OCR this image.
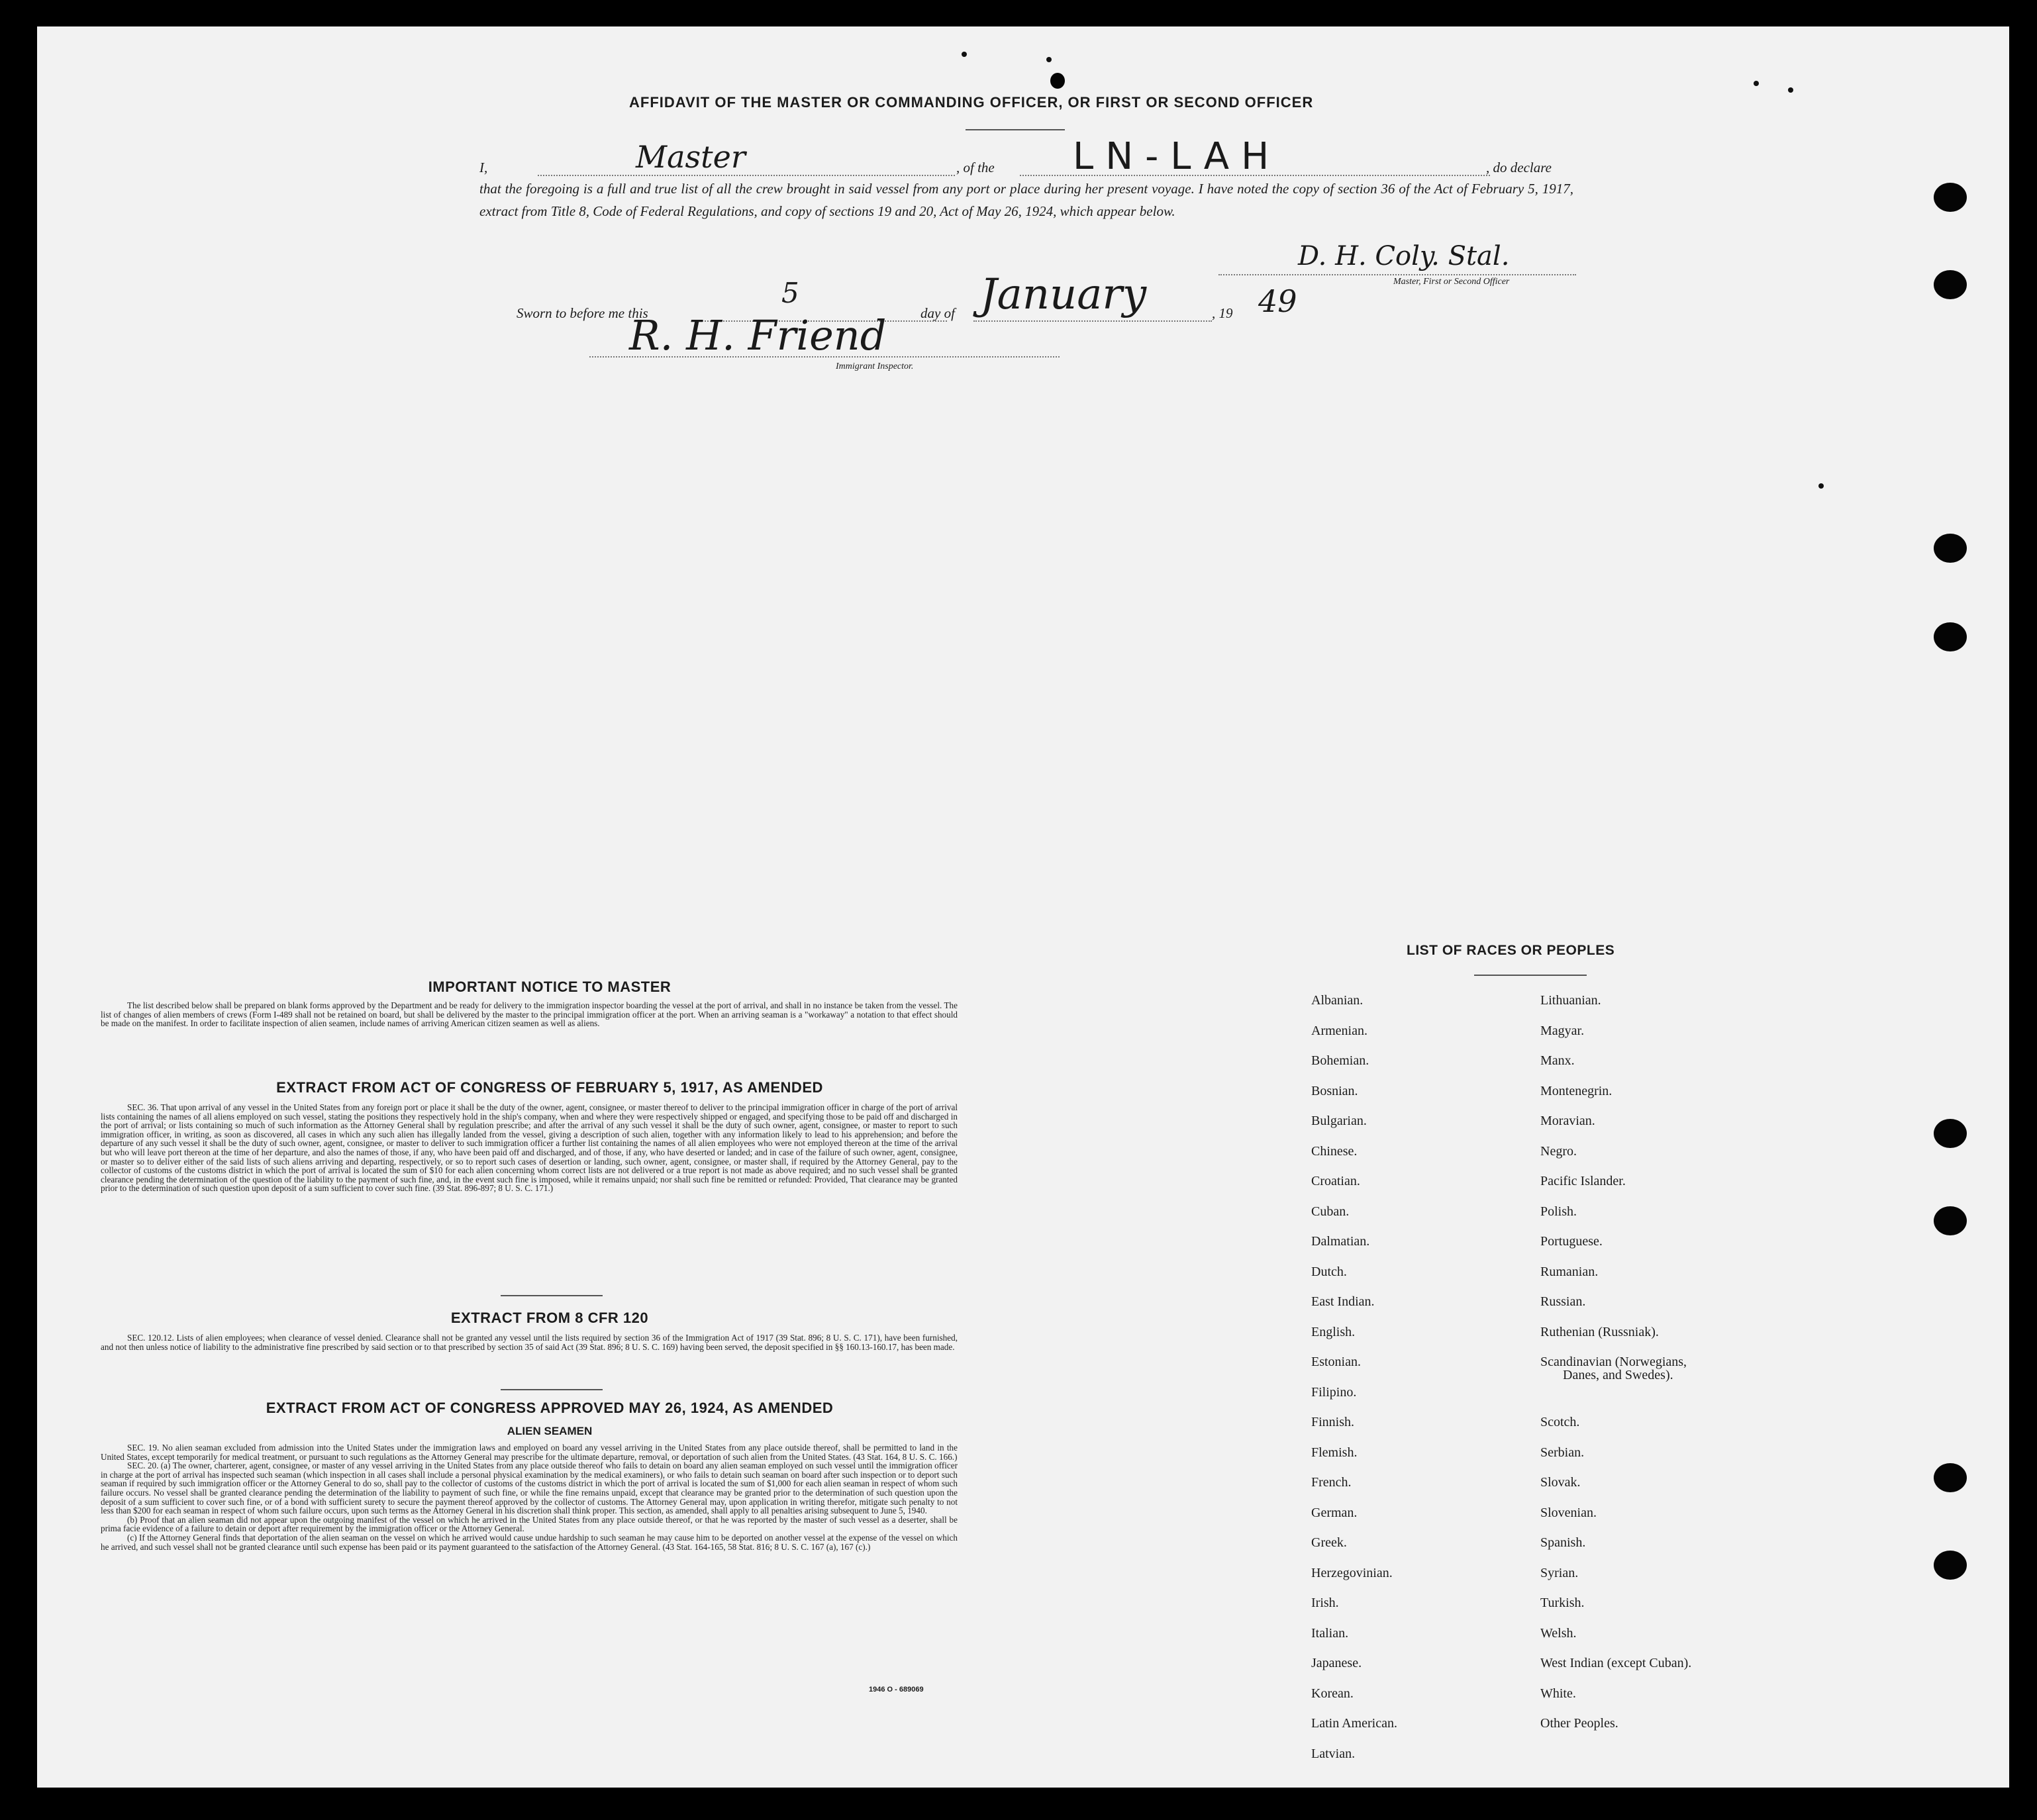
AFFIDAVIT OF THE MASTER OR COMMANDING OFFICER, OR FIRST OR SECOND OFFICER
I,	Master	, of the LN-LAH	, do declare
that the foregoing is a full and true list of all the crew brought in said vessel from any port or place during her present voyage. I have noted the copy of section 36 of the Act of February 5, 1917, extract from Title 8, Code of Federal Regulations, and copy of sections 19 and 20, Act of May 26, 1924, which appear below.
D. H. Coly. Stal.
Master, First or Second Officer
Sworn to before me this
5
day of January	, 19 49
R. H. Friend
Immigrant Inspector.
IMPORTANT NOTICE TO MASTER

The list described below shall be prepared on blank forms approved by the Department and be ready for delivery to the immigration inspector boarding the vessel at the port of arrival, and shall in no instance be taken from the vessel. The list of changes of alien members of crews (Form I-489 shall not be retained on board, but shall be delivered by the master to the principal immigration officer at the port. When an arriving seaman is a "workaway" a notation to that effect should be made on the manifest. In order to facilitate inspection of alien seamen, include names of arriving American citizen seamen as well as aliens.

EXTRACT FROM ACT OF CONGRESS OF FEBRUARY 5, 1917, AS AMENDED

SEC. 36. That upon arrival of any vessel in the United States from any foreign port or place it shall be the duty of the owner, agent, consignee, or master thereof to deliver to the principal immigration officer in charge of the port of arrival lists containing the names of all aliens employed on such vessel, stating the positions they respectively hold in the ship's company, when and where they were respectively shipped or engaged, and specifying those to be paid off and discharged in the port of arrival; or lists containing so much of such information as the Attorney General shall by regulation prescribe; and after the arrival of any such vessel it shall be the duty of such owner, agent, consignee, or master to report to such immigration officer, in writing, as soon as discovered, all cases in which any such alien has illegally landed from the vessel, giving a description of such alien, together with any information likely to lead to his apprehension; and before the departure of any such vessel it shall be the duty of such owner, agent, consignee, or master to deliver to such immigration officer a further list containing the names of all alien employees who were not employed thereon at the time of the arrival but who will leave port thereon at the time of her departure, and also the names of those, if any, who have been paid off and discharged, and of those, if any, who have deserted or landed; and in case of the failure of such owner, agent, consignee, or master so to deliver either of the said lists of such aliens arriving and departing, respectively, or so to report such cases of desertion or landing, such owner, agent, consignee, or master shall, if required by the Attorney General, pay to the collector of customs of the customs district in which the port of arrival is located the sum of $10 for each alien concerning whom correct lists are not delivered or a true report is not made as above required; and no such vessel shall be granted clearance pending the determination of the question of the liability to the payment of such fine, and, in the event such fine is imposed, while it remains unpaid; nor shall such fine be remitted or refunded: Provided, That clearance may be granted prior to the determination of such question upon deposit of a sum sufficient to cover such fine. (39 Stat. 896-897; 8 U. S. C. 171.)

EXTRACT FROM 8 CFR 120

SEC. 120.12. Lists of alien employees; when clearance of vessel denied. Clearance shall not be granted any vessel until the lists required by section 36 of the Immigration Act of 1917 (39 Stat. 896; 8 U. S. C. 171), have been furnished, and not then unless notice of liability to the administrative fine prescribed by said section or to that prescribed by section 35 of said Act (39 Stat. 896; 8 U. S. C. 169) having been served, the deposit specified in §§ 160.13-160.17, has been made.

EXTRACT FROM ACT OF CONGRESS APPROVED MAY 26, 1924, AS AMENDED
ALIEN SEAMEN

SEC. 19. No alien seaman excluded from admission into the United States under the immigration laws and employed on board any vessel arriving in the United States from any place outside thereof, shall be permitted to land in the United States, except temporarily for medical treatment, or pursuant to such regulations as the Attorney General may prescribe for the ultimate departure, removal, or deportation of such alien from the United States. (43 Stat. 164, 8 U. S. C. 166.)

SEC. 20. (a) The owner, charterer, agent, consignee, or master of any vessel arriving in the United States from any place outside thereof who fails to detain on board any alien seaman employed on such vessel until the immigration officer in charge at the port of arrival has inspected such seaman (which inspection in all cases shall include a personal physical examination by the medical examiners), or who fails to detain such seaman on board after such inspection or to deport such seaman if required by such immigration officer or the Attorney General to do so, shall pay to the collector of customs of the customs district in which the port of arrival is located the sum of $1,000 for each alien seaman in respect of whom such failure occurs. No vessel shall be granted clearance pending the determination of the liability to payment of such fine, or while the fine remains unpaid, except that clearance may be granted prior to the determination of such question upon the deposit of a sum sufficient to cover such fine, or of a bond with sufficient surety to secure the payment thereof approved by the collector of customs. The Attorney General may, upon application in writing therefor, mitigate such penalty to not less than $200 for each seaman in respect of whom such failure occurs, upon such terms as the Attorney General in his discretion shall think proper. This section, as amended, shall apply to all penalties arising subsequent to June 5, 1940.

(b) Proof that an alien seaman did not appear upon the outgoing manifest of the vessel on which he arrived in the United States from any place outside thereof, or that he was reported by the master of such vessel as a deserter, shall be prima facie evidence of a failure to detain or deport after requirement by the immigration officer or the Attorney General.

(c) If the Attorney General finds that deportation of the alien seaman on the vessel on which he arrived would cause undue hardship to such seaman he may cause him to be deported on another vessel at the expense of the vessel on which he arrived, and such vessel shall not be granted clearance until such expense has been paid or its payment guaranteed to the satisfaction of the Attorney General. (43 Stat. 164-165, 58 Stat. 816; 8 U. S. C. 167 (a), 167 (c).)

1946 O - 689069
LIST OF RACES OR PEOPLES
Albanian.
Armenian.
Bohemian.
Bosnian.
Bulgarian.
Chinese.
Croatian.
Cuban.
Dalmatian.
Dutch.
East Indian.
English.
Estonian.
Filipino.
Finnish.
Flemish.
French.
German.
Greek.
Herzegovinian.
Irish.
Italian.
Japanese.
Korean.
Latin American.
Latvian.
Lithuanian.
Magyar.
Manx.
Montenegrin.
Moravian.
Negro.
Pacific Islander.
Polish.
Portuguese.
Rumanian.
Russian.
Ruthenian (Russniak).
Scandinavian (Norwegians,
Danes, and Swedes).
Scotch.
Serbian.
Slovak.
Slovenian.
Spanish.
Syrian.
Turkish.
Welsh.
West Indian (except Cuban).
White.
Other Peoples.
